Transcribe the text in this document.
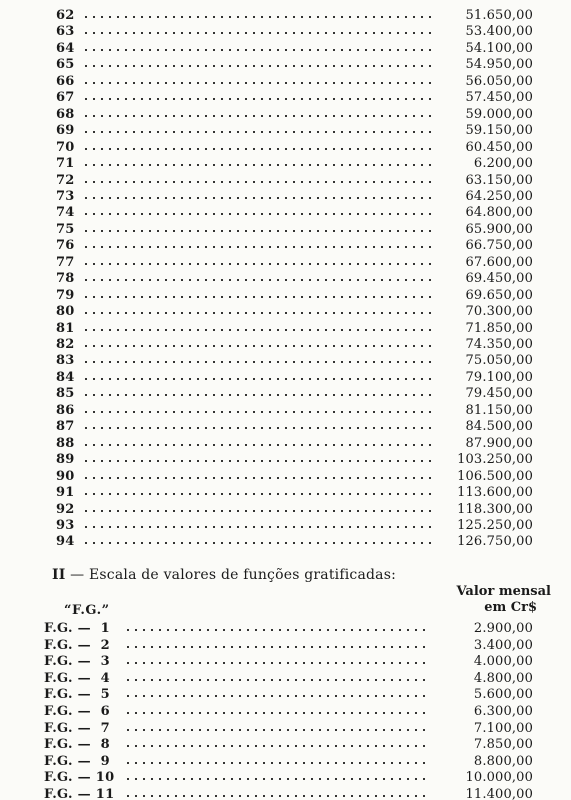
62	51.650,00
63	53.400,00
64	54.100,00
65	54.950,00
66	56.050,00
67	57.450,00
68	59.000,00
69	59.150,00
70	60.450,00
71	6​.200,00
72	63.150,00
73	64.250,00
74	64.800,00
75	65.900,00
76	66.750,00
77	67.600,00
78	69.450,00
79	69.650,00
80	70.300,00
81	71.850,00
82	74.350,00
83	75.050,00
84	79.100,00
85	79.450,00
86	81.150,00
87	84.500,00
88	87.900,00
89	103.250,00
90	106.500,00
91	113.600,00
92	118.300,00
93	125.250,00
94	126.750,00
II — Escala de valores de funções gratificadas:
Valor mensal
em Cr$
“F.G.”
F.G. —  1	2.900,00
F.G. —  2	3.400,00
F.G. —  3	4.000,00
F.G. —  4	4.800,00
F.G. —  5	5.600,00
F.G. —  6	6.300,00
F.G. —  7	7.100,00
F.G. —  8	7.850,00
F.G. —  9	8.800,00
F.G. — 10	10.000,00
F.G. — 11	11.400,00
